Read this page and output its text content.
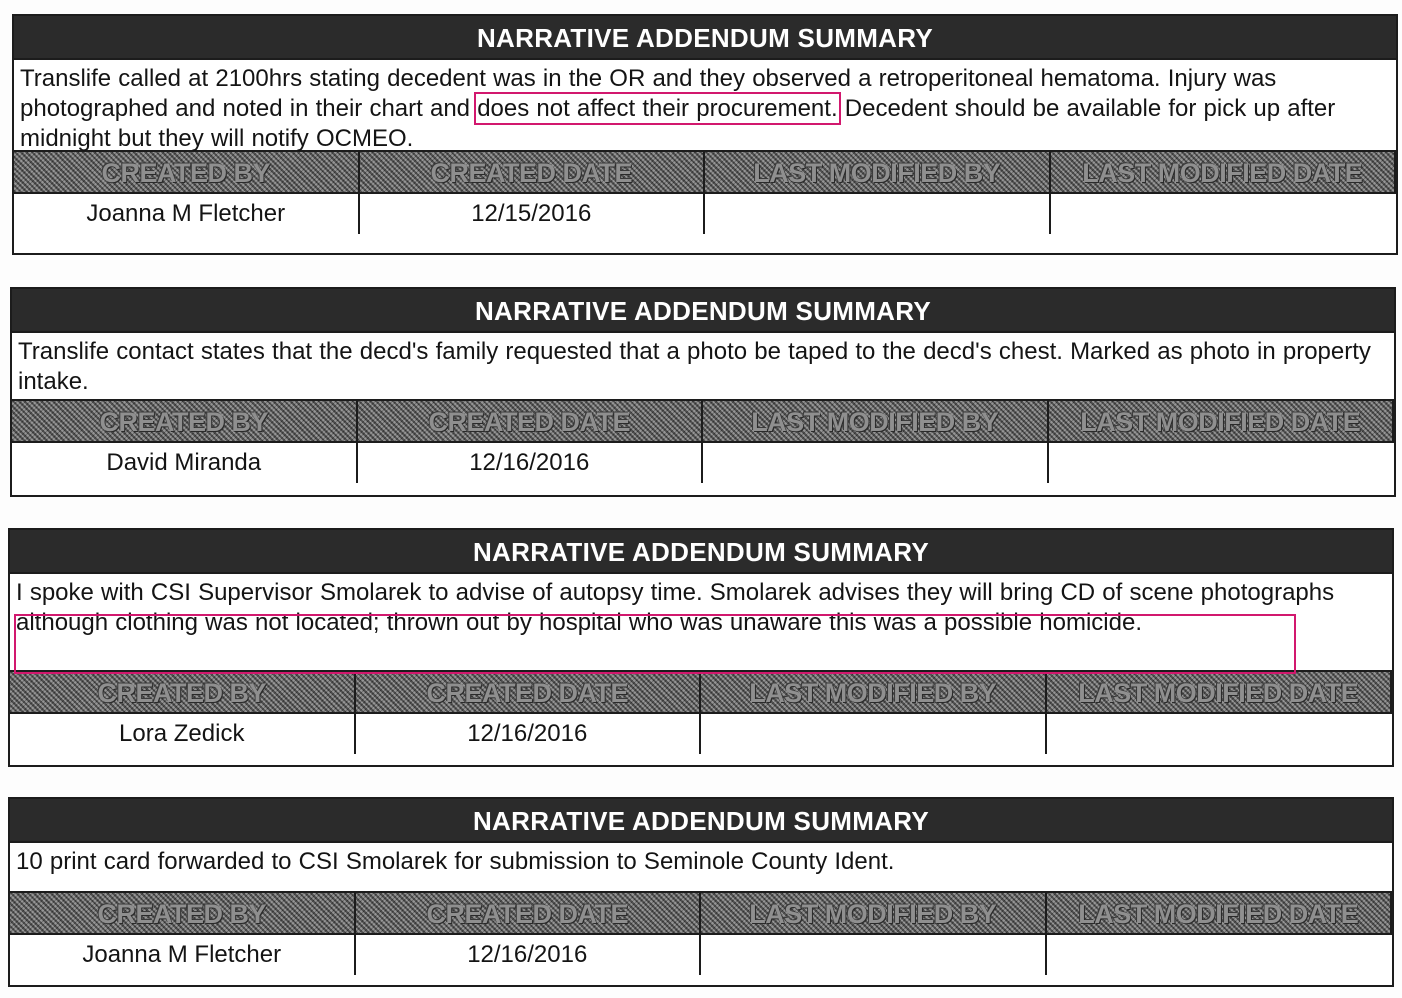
NARRATIVE ADDENDUM SUMMARY
Translife called at 2100hrs stating decedent was in the OR and they observed a retroperitoneal hematoma. Injury was photographed and noted in their chart and does not affect their procurement. Decedent should be available for pick up after midnight but they will notify OCMEO.
CREATED BY	CREATED DATE	LAST MODIFIED BY	LAST MODIFIED DATE
Joanna M Fletcher	12/15/2016
NARRATIVE ADDENDUM SUMMARY
Translife contact states that the decd's family requested that a photo be taped to the decd's chest. Marked as photo in property intake.
CREATED BY	CREATED DATE	LAST MODIFIED BY	LAST MODIFIED DATE
David Miranda	12/16/2016
NARRATIVE ADDENDUM SUMMARY
I spoke with CSI Supervisor Smolarek to advise of autopsy time. Smolarek advises they will bring CD of scene photographs although clothing was not located; thrown out by hospital who was unaware this was a possible homicide.
CREATED BY	CREATED DATE	LAST MODIFIED BY	LAST MODIFIED DATE
Lora Zedick	12/16/2016
NARRATIVE ADDENDUM SUMMARY
10 print card forwarded to CSI Smolarek for submission to Seminole County Ident.
CREATED BY	CREATED DATE	LAST MODIFIED BY	LAST MODIFIED DATE
Joanna M Fletcher	12/16/2016
